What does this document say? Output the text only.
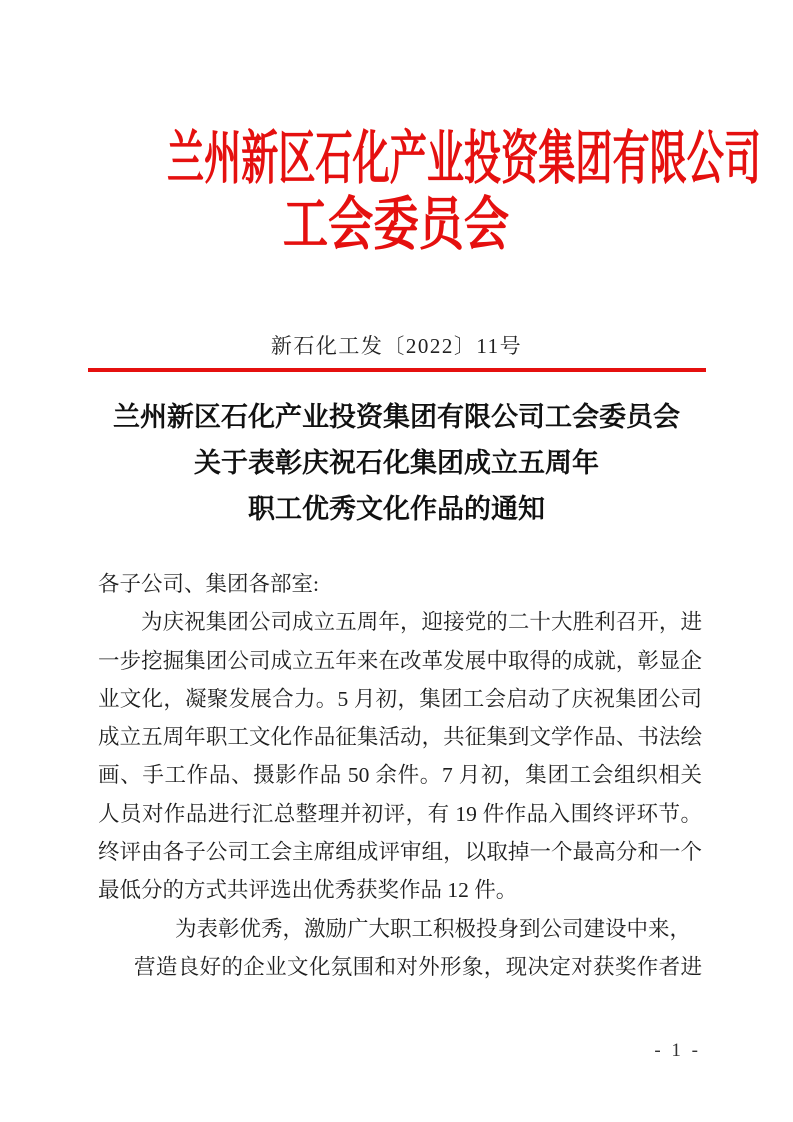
兰州新区石化产业投资集团有限公司
工会委员会
新石化工发〔2022〕11号
兰州新区石化产业投资集团有限公司工会委员会
关于表彰庆祝石化集团成立五周年
职工优秀文化作品的通知
各子公司、集团各部室:
为庆祝集团公司成立五周年，迎接党的二十大胜利召开，进
一步挖掘集团公司成立五年来在改革发展中取得的成就，彰显企
业文化，凝聚发展合力。5 月初，集团工会启动了庆祝集团公司
成立五周年职工文化作品征集活动，共征集到文学作品、书法绘
画、手工作品、摄影作品 50 余件。7 月初，集团工会组织相关
人员对作品进行汇总整理并初评，有 19 件作品入围终评环节。
终评由各子公司工会主席组成评审组，以取掉一个最高分和一个
最低分的方式共评选出优秀获奖作品 12 件。
为表彰优秀，激励广大职工积极投身到公司建设中来，
营造良好的企业文化氛围和对外形象，现决定对获奖作者进
- 1 -
